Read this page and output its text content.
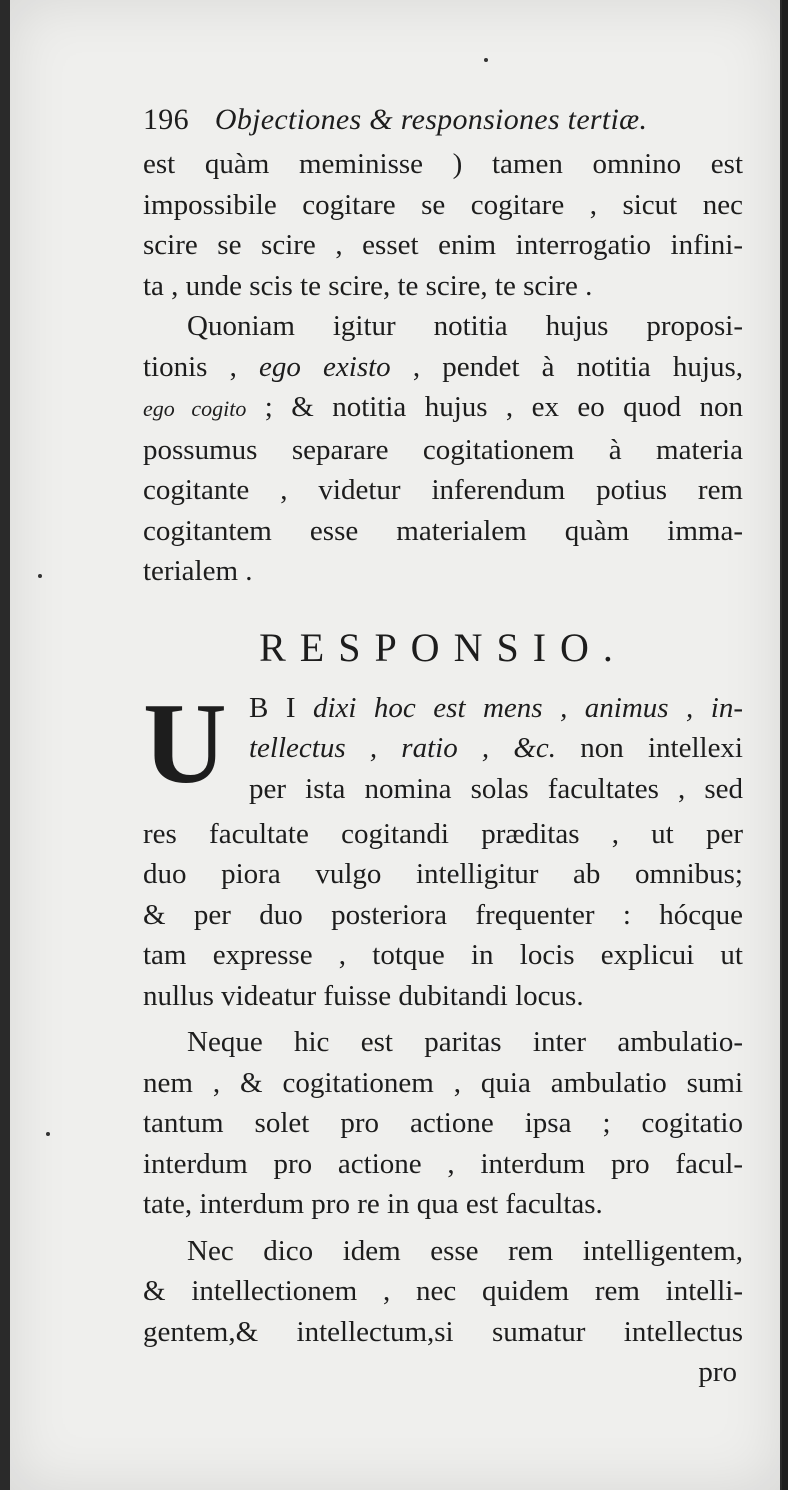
196 Objectiones & responsiones tertiæ.
est quàm meminisse ) tamen omnino est
impossibile cogitare se cogitare , sicut nec
scire se scire , esset enim interrogatio infini-
ta , unde scis te scire, te scire, te scire .
Quoniam igitur notitia hujus proposi-
tionis , ego existo , pendet à notitia hujus,
ego cogito ; & notitia hujus , ex eo quod non
possumus separare cogitationem à materia
cogitante , videtur inferendum potius rem
cogitantem esse materialem quàm imma-
terialem .
RESPONSIO.
U B I dixi hoc est mens , animus , in-
tellectus , ratio , &c. non intellexi
per ista nomina solas facultates , sed
res facultate cogitandi præditas , ut per
duo piora vulgo intelligitur ab omnibus;
& per duo posteriora frequenter : hócque
tam expresse , totque in locis explicui ut
nullus videatur fuisse dubitandi locus.
Neque hic est paritas inter ambulatio-
nem , & cogitationem , quia ambulatio sumi
tantum solet pro actione ipsa ; cogitatio
interdum pro actione , interdum pro facul-
tate, interdum pro re in qua est facultas.
Nec dico idem esse rem intelligentem,
& intellectionem , nec quidem rem intelli-
gentem,& intellectum,si sumatur intellectus
pro
